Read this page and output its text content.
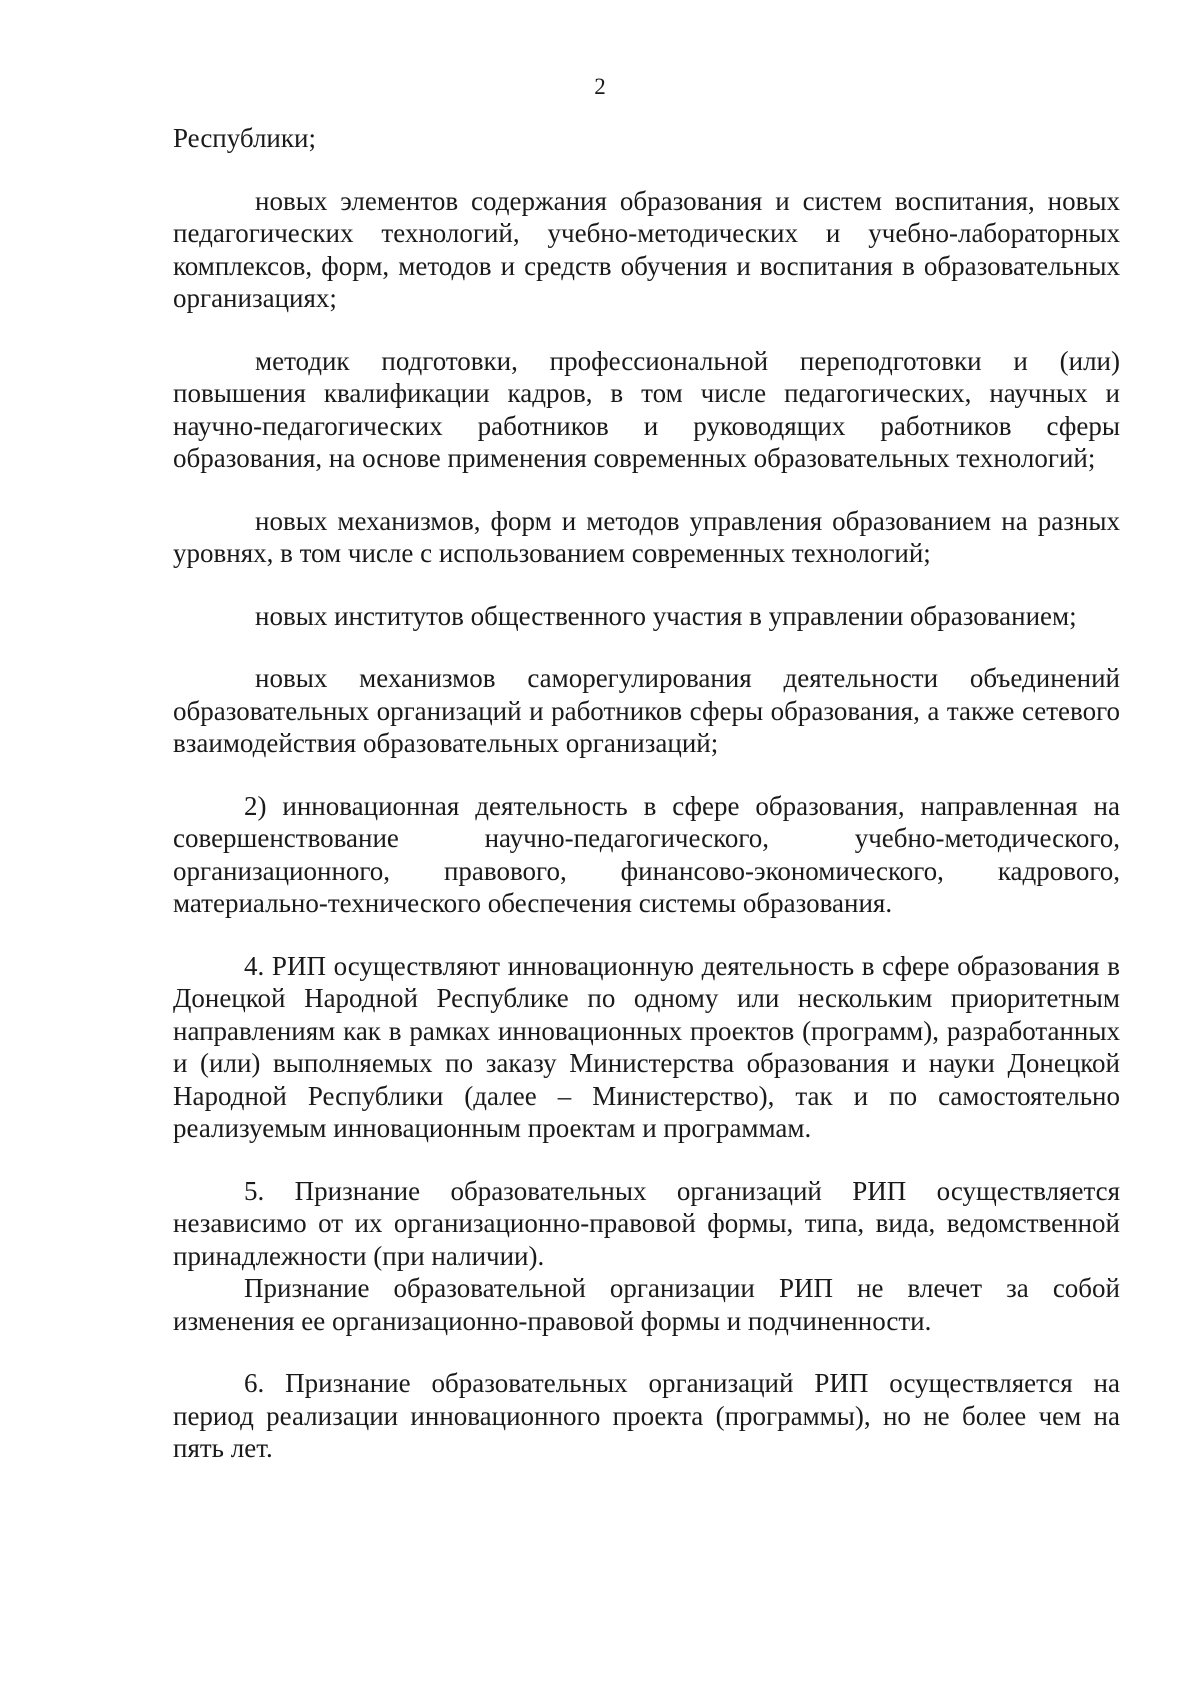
2

Республики;

новых элементов содержания образования и систем воспитания, новых педагогических технологий, учебно-методических и учебно-лабораторных комплексов, форм, методов и средств обучения и воспитания в образовательных организациях;

методик подготовки, профессиональной переподготовки и (или) повышения квалификации кадров, в том числе педагогических, научных и научно-педагогических работников и руководящих работников сферы образования, на основе применения современных образовательных технологий;

новых механизмов, форм и методов управления образованием на разных уровнях, в том числе с использованием современных технологий;

новых институтов общественного участия в управлении образованием;

новых механизмов саморегулирования деятельности объединений образовательных организаций и работников сферы образования, а также сетевого взаимодействия образовательных организаций;

2) инновационная деятельность в сфере образования, направленная на совершенствование научно-педагогического, учебно-методического, организационного, правового, финансово-экономического, кадрового, материально-технического обеспечения системы образования.

4. РИП осуществляют инновационную деятельность в сфере образования в Донецкой Народной Республике по одному или нескольким приоритетным направлениям как в рамках инновационных проектов (программ), разработанных и (или) выполняемых по заказу Министерства образования и науки Донецкой Народной Республики (далее – Министерство), так и по самостоятельно реализуемым инновационным проектам и программам.

5. Признание образовательных организаций РИП осуществляется независимо от их организационно-правовой формы, типа, вида, ведомственной принадлежности (при наличии).

Признание образовательной организации РИП не влечет за собой изменения ее организационно-правовой формы и подчиненности.

6. Признание образовательных организаций РИП осуществляется на период реализации инновационного проекта (программы), но не более чем на пять лет.
